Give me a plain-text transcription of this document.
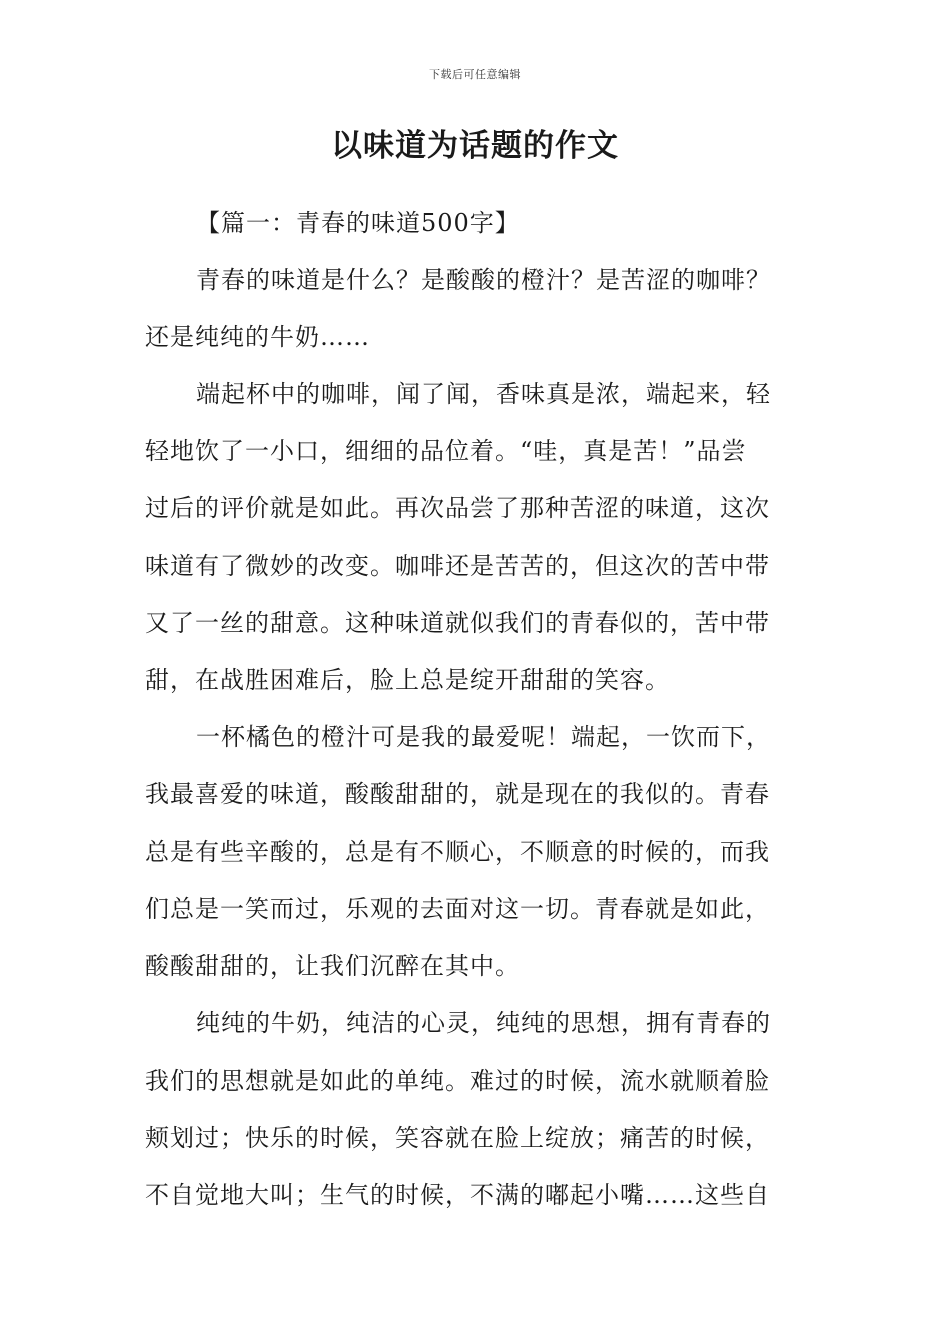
下载后可任意编辑
以味道为话题的作文
【篇一：青春的味道500字】
青春的味道是什么？是酸酸的橙汁？是苦涩的咖啡？
还是纯纯的牛奶……
端起杯中的咖啡，闻了闻，香味真是浓，端起来，轻
轻地饮了一小口，细细的品位着。“哇，真是苦！”品尝
过后的评价就是如此。再次品尝了那种苦涩的味道，这次
味道有了微妙的改变。咖啡还是苦苦的，但这次的苦中带
又了一丝的甜意。这种味道就似我们的青春似的，苦中带
甜，在战胜困难后，脸上总是绽开甜甜的笑容。
一杯橘色的橙汁可是我的最爱呢！端起，一饮而下，
我最喜爱的味道，酸酸甜甜的，就是现在的我似的。青春
总是有些辛酸的，总是有不顺心，不顺意的时候的，而我
们总是一笑而过，乐观的去面对这一切。青春就是如此，
酸酸甜甜的，让我们沉醉在其中。
纯纯的牛奶，纯洁的心灵，纯纯的思想，拥有青春的
我们的思想就是如此的单纯。难过的时候，流水就顺着脸
颊划过；快乐的时候，笑容就在脸上绽放；痛苦的时候，
不自觉地大叫；生气的时候，不满的嘟起小嘴……这些自
